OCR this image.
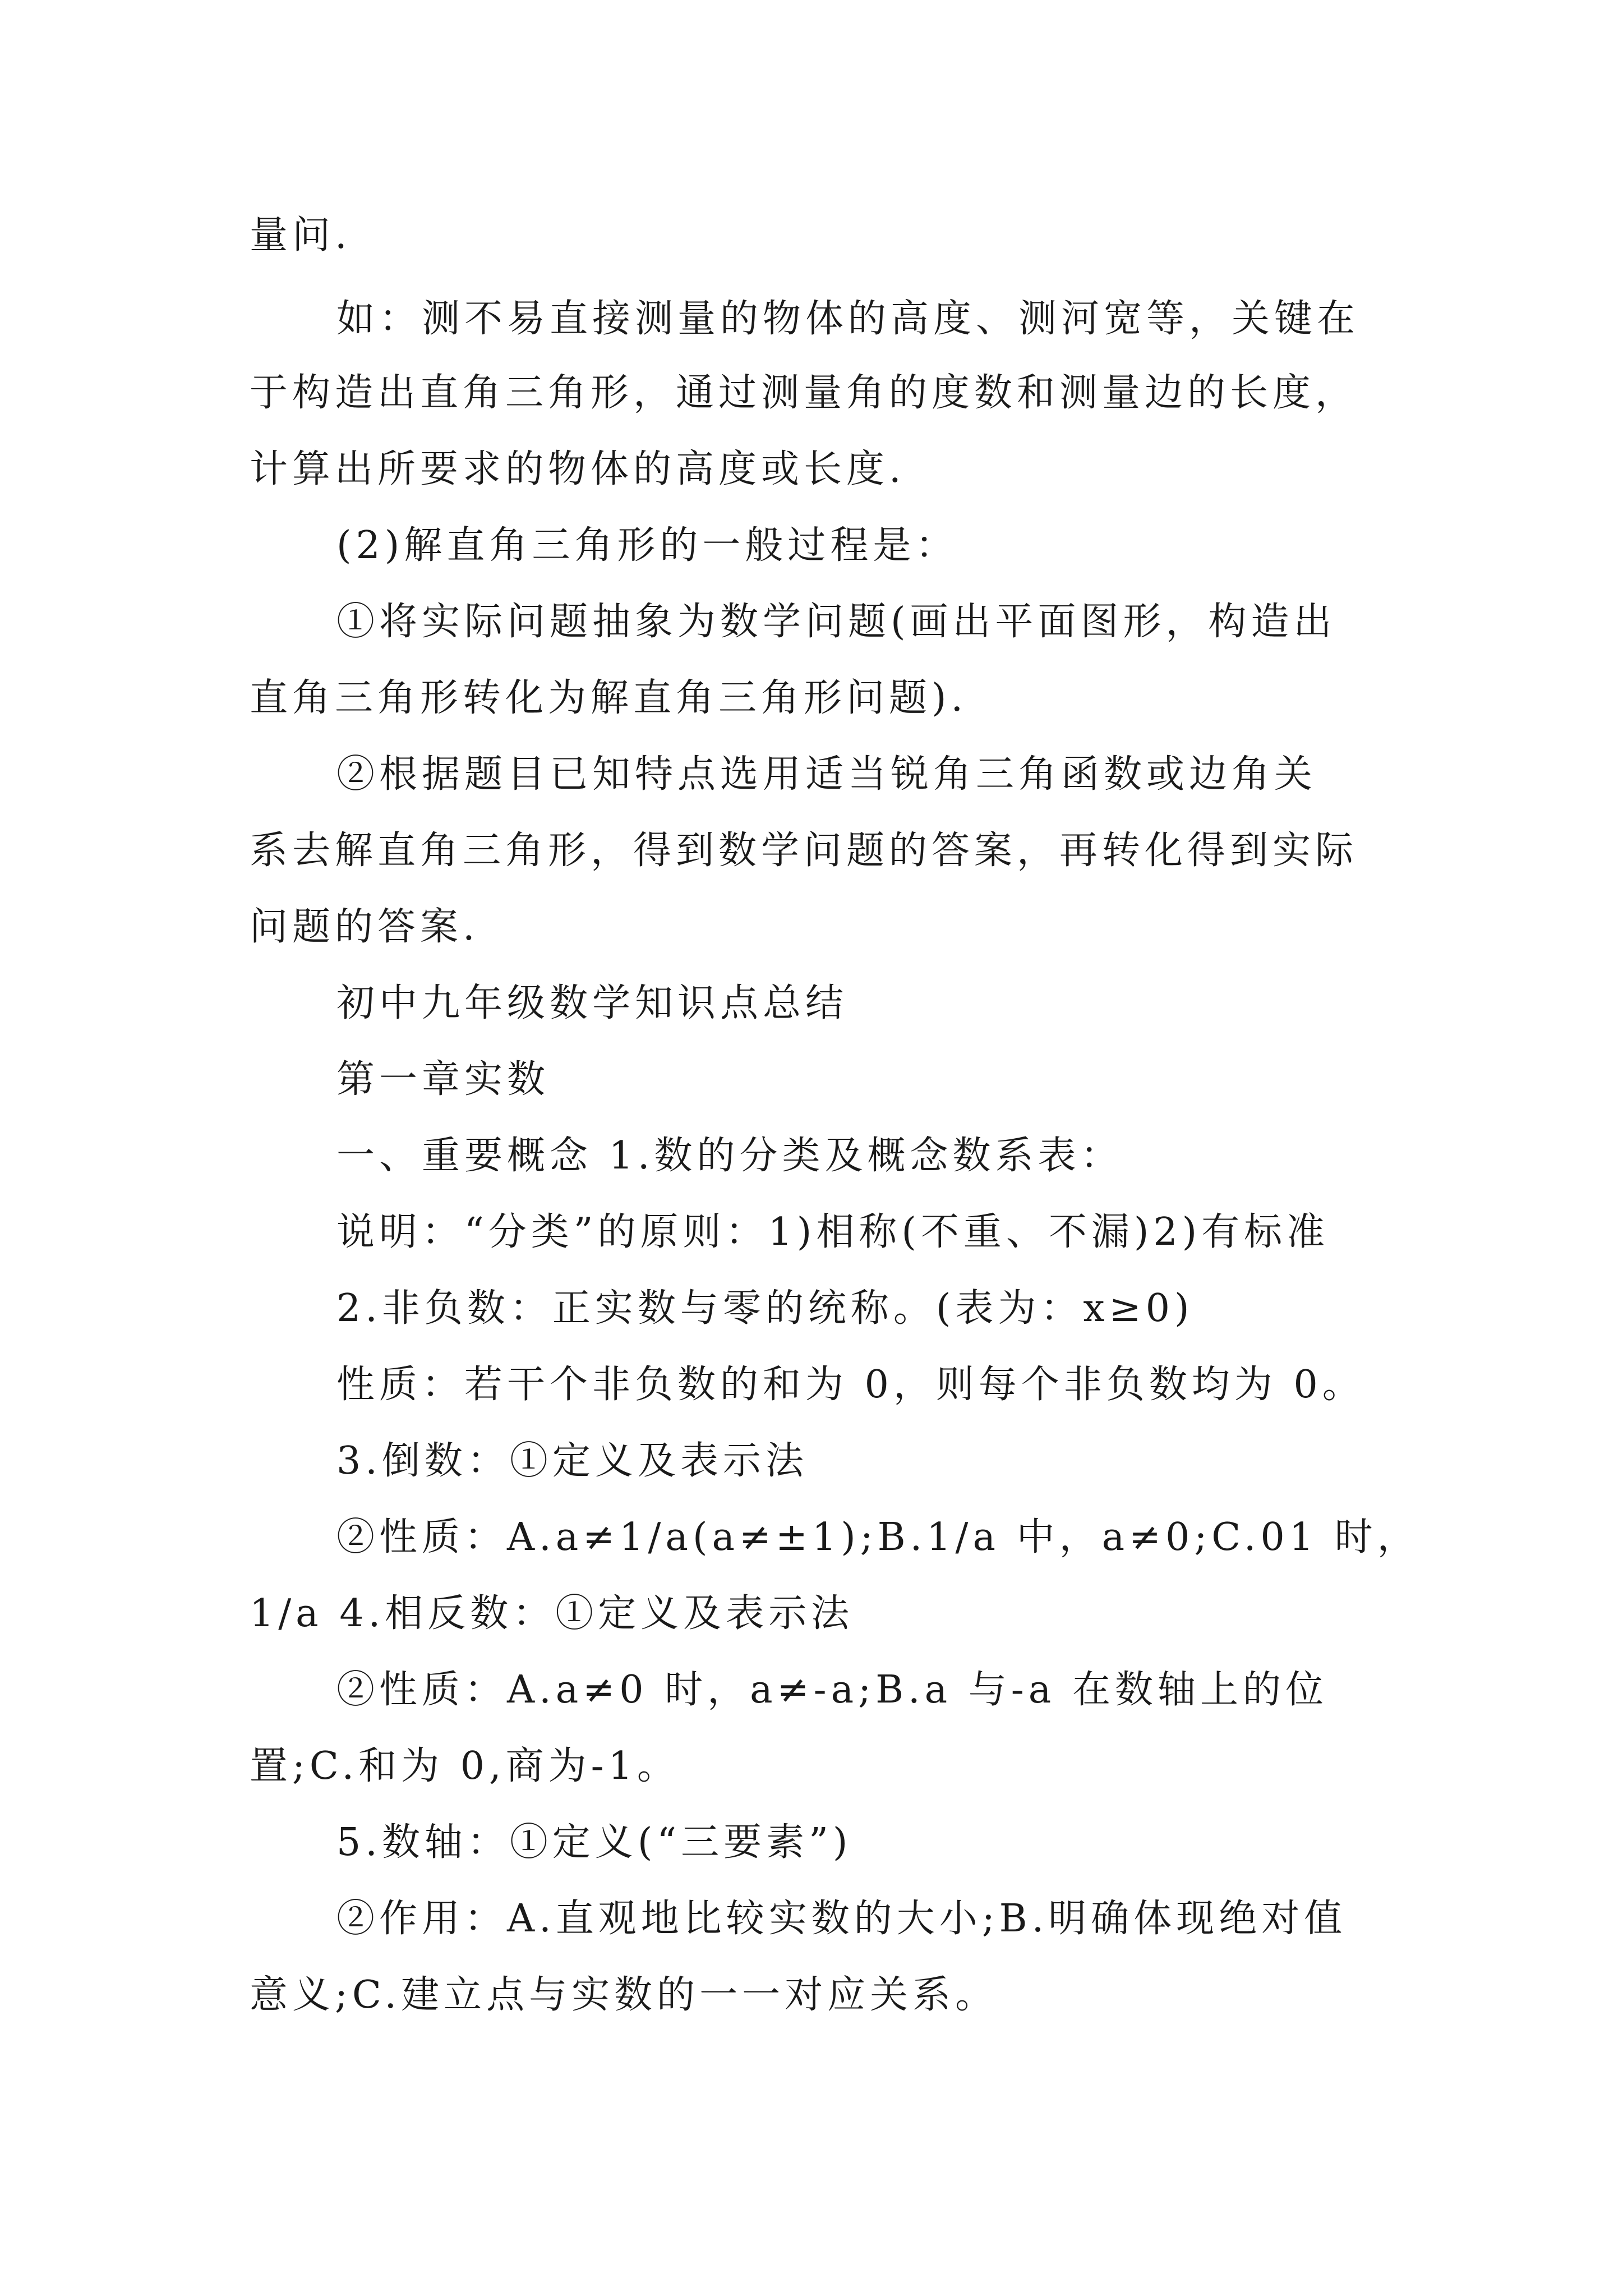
量问.
如：测不易直接测量的物体的高度、测河宽等，关键在
于构造出直角三角形，通过测量角的度数和测量边的长度，
计算出所要求的物体的高度或长度.
(2)解直角三角形的一般过程是：
①将实际问题抽象为数学问题(画出平面图形，构造出
直角三角形转化为解直角三角形问题).
②根据题目已知特点选用适当锐角三角函数或边角关
系去解直角三角形，得到数学问题的答案，再转化得到实际
问题的答案.
初中九年级数学知识点总结
第一章实数
一、重要概念 1.数的分类及概念数系表：
说明：“分类”的原则：1)相称(不重、不漏)2)有标准
2.非负数：正实数与零的统称。(表为：x≥0)
性质：若干个非负数的和为 0，则每个非负数均为 0。
3.倒数：①定义及表示法
②性质：A.a≠1/a(a≠±1);B.1/a 中，a≠0;C.01 时，
1/a 4.相反数：①定义及表示法
②性质：A.a≠0 时，a≠-a;B.a 与-a 在数轴上的位
置;C.和为 0,商为-1。
5.数轴：①定义(“三要素”)
②作用：A.直观地比较实数的大小;B.明确体现绝对值
意义;C.建立点与实数的一一对应关系。
